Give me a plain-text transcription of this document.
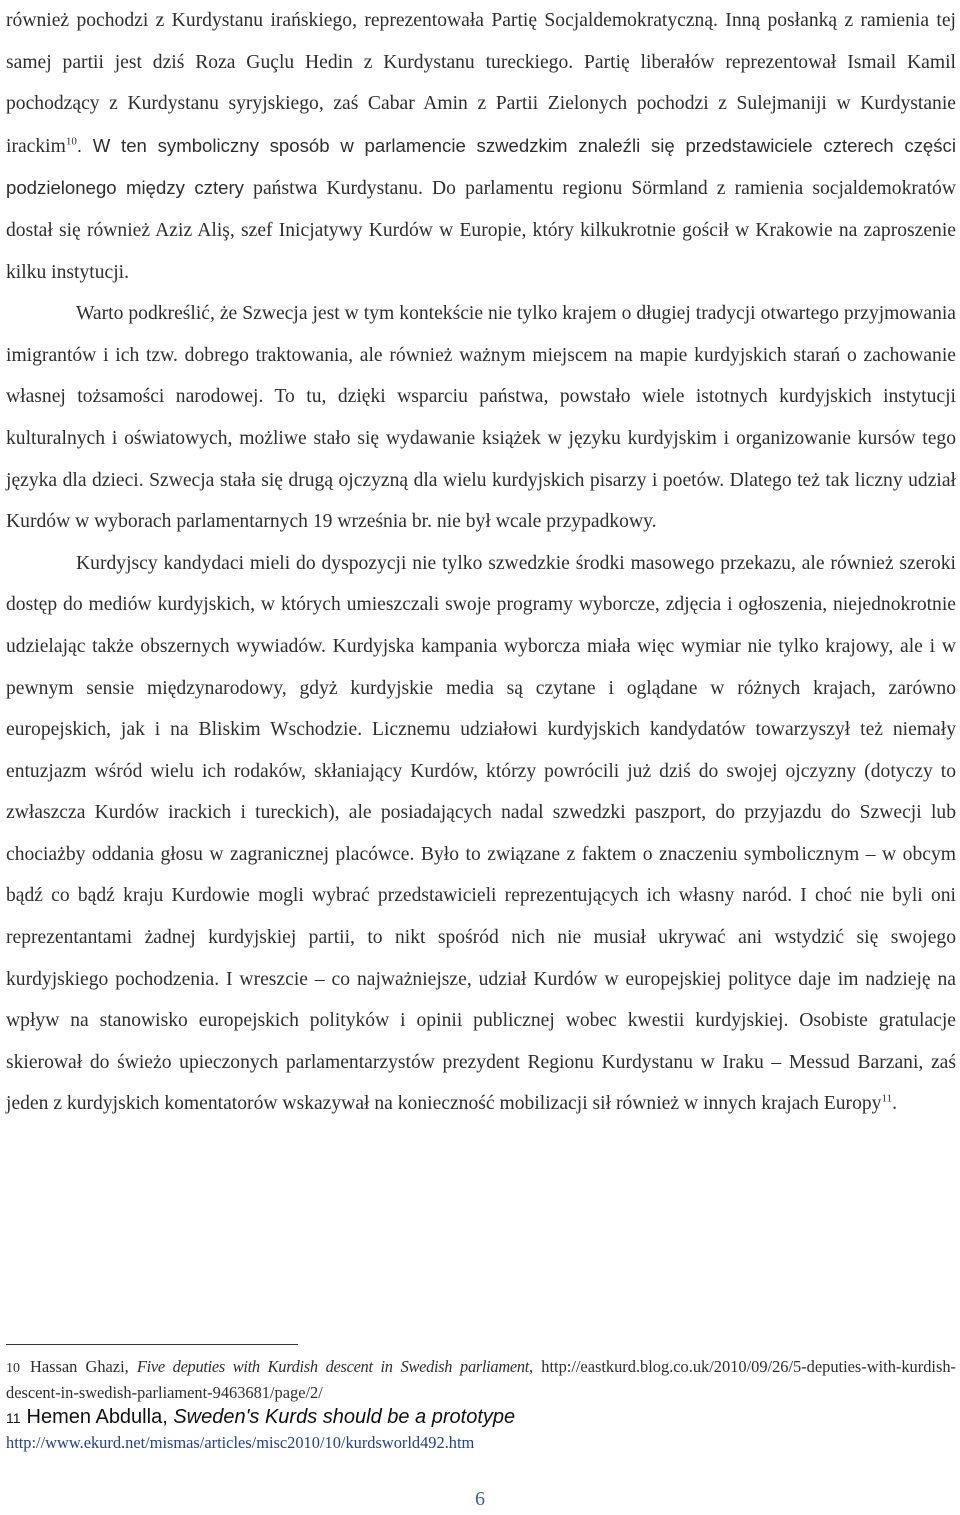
również pochodzi z Kurdystanu irańskiego, reprezentowała Partię Socjaldemokratyczną. Inną posłanką z ramienia tej samej partii jest dziś Roza Guçlu Hedin z Kurdystanu tureckiego. Partię liberałów reprezentował Ismail Kamil pochodzący z Kurdystanu syryjskiego, zaś Cabar Amin z Partii Zielonych pochodzi z Sulejmaniji w Kurdystanie irackim$^{10}$. W ten symboliczny sposób w parlamencie szwedzkim znaleźli się przedstawiciele czterech części podzielonego między cztery państwa Kurdystanu. Do parlamentu regionu Sörmland z ramienia socjaldemokratów dostał się również Aziz Aliş, szef Inicjatywy Kurdów w Europie, który kilkukrotnie gościł w Krakowie na zaproszenie kilku instytucji.

Warto podkreślić, że Szwecja jest w tym kontekście nie tylko krajem o długiej tradycji otwartego przyjmowania imigrantów i ich tzw. dobrego traktowania, ale również ważnym miejscem na mapie kurdyjskich starań o zachowanie własnej tożsamości narodowej. To tu, dzięki wsparciu państwa, powstało wiele istotnych kurdyjskich instytucji kulturalnych i oświatowych, możliwe stało się wydawanie książek w języku kurdyjskim i organizowanie kursów tego języka dla dzieci. Szwecja stała się drugą ojczyzną dla wielu kurdyjskich pisarzy i poetów. Dlatego też tak liczny udział Kurdów w wyborach parlamentarnych 19 września br. nie był wcale przypadkowy.

Kurdyjscy kandydaci mieli do dyspozycji nie tylko szwedzkie środki masowego przekazu, ale również szeroki dostęp do mediów kurdyjskich, w których umieszczali swoje programy wyborcze, zdjęcia i ogłoszenia, niejednokrotnie udzielając także obszernych wywiadów. Kurdyjska kampania wyborcza miała więc wymiar nie tylko krajowy, ale i w pewnym sensie międzynarodowy, gdyż kurdyjskie media są czytane i oglądane w różnych krajach, zarówno europejskich, jak i na Bliskim Wschodzie. Licznemu udziałowi kurdyjskich kandydatów towarzyszył też niemały entuzjazm wśród wielu ich rodaków, skłaniający Kurdów, którzy powrócili już dziś do swojej ojczyzny (dotyczy to zwłaszcza Kurdów irackich i tureckich), ale posiadających nadal szwedzki paszport, do przyjazdu do Szwecji lub chociażby oddania głosu w zagranicznej placówce. Było to związane z faktem o znaczeniu symbolicznym – w obcym bądź co bądź kraju Kurdowie mogli wybrać przedstawicieli reprezentujących ich własny naród. I choć nie byli oni reprezentantami żadnej kurdyjskiej partii, to nikt spośród nich nie musiał ukrywać ani wstydzić się swojego kurdyjskiego pochodzenia. I wreszcie – co najważniejsze, udział Kurdów w europejskiej polityce daje im nadzieję na wpływ na stanowisko europejskich polityków i opinii publicznej wobec kwestii kurdyjskiej. Osobiste gratulacje skierował do świeżo upieczonych parlamentarzystów prezydent Regionu Kurdystanu w Iraku – Messud Barzani, zaś jeden z kurdyjskich komentatorów wskazywał na konieczność mobilizacji sił również w innych krajach Europy$^{11}$.

10 Hassan Ghazi, Five deputies with Kurdish descent in Swedish parliament, http://eastkurd.blog.co.uk/2010/09/26/5-deputies-with-kurdish-descent-in-swedish-parliament-9463681/page/2/
11 Hemen Abdulla, Sweden's Kurds should be a prototype
http://www.ekurd.net/mismas/articles/misc2010/10/kurdsworld492.htm
6
